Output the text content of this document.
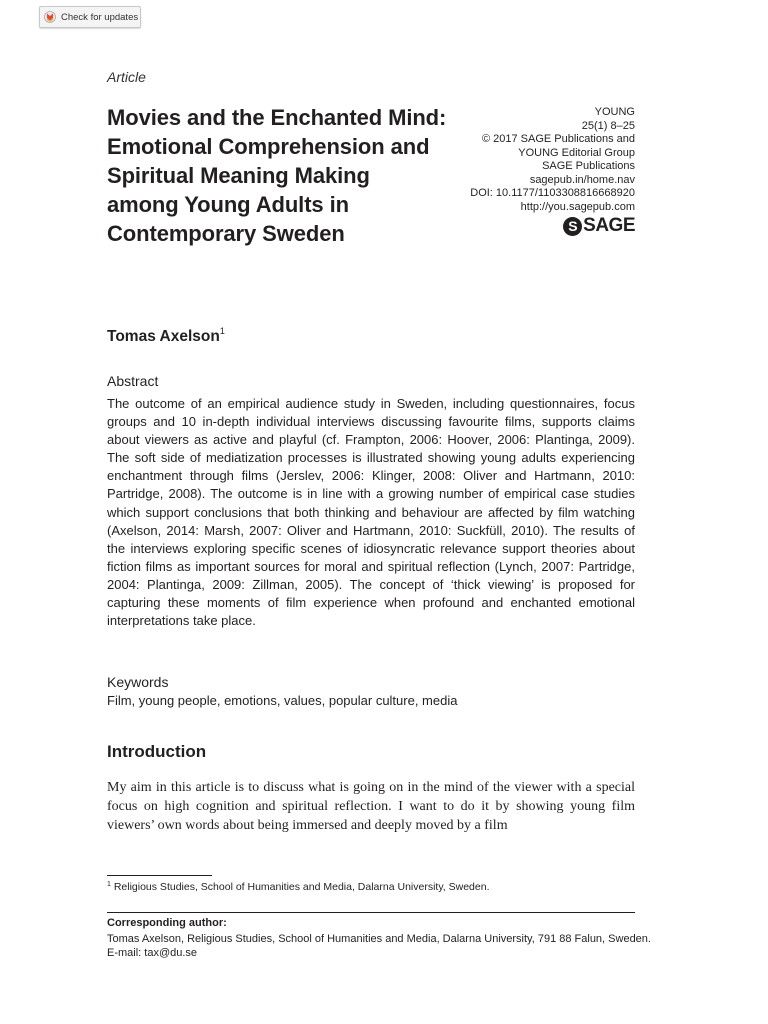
Check for updates
Article
Movies and the Enchanted Mind: Emotional Comprehension and Spiritual Meaning Making among Young Adults in Contemporary Sweden
YOUNG
25(1) 8–25
© 2017 SAGE Publications and
YOUNG Editorial Group
SAGE Publications
sagepub.in/home.nav
DOI: 10.1177/1103308816668920
http://you.sagepub.com
S SAGE
Tomas Axelson$^1$
Abstract

The outcome of an empirical audience study in Sweden, including questionnaires, focus groups and 10 in-depth individual interviews discussing favourite films, supports claims about viewers as active and playful (cf. Frampton, 2006: Hoover, 2006: Plantinga, 2009). The soft side of mediatization processes is illustrated showing young adults experiencing enchantment through films (Jerslev, 2006: Klinger, 2008: Oliver and Hartmann, 2010: Partridge, 2008). The outcome is in line with a growing number of empirical case studies which support conclusions that both thinking and behaviour are affected by film watching (Axelson, 2014: Marsh, 2007: Oliver and Hartmann, 2010: Suckfüll, 2010). The results of the interviews exploring specific scenes of idiosyncratic relevance support theories about fiction films as important sources for moral and spiritual reflection (Lynch, 2007: Partridge, 2004: Plantinga, 2009: Zillman, 2005). The concept of ‘thick viewing’ is proposed for capturing these moments of film experience when profound and enchanted emotional interpretations take place.

Keywords
Film, young people, emotions, values, popular culture, media
Introduction

My aim in this article is to discuss what is going on in the mind of the viewer with a special focus on high cognition and spiritual reflection. I want to do it by showing young film viewers’ own words about being immersed and deeply moved by a film

$^1$ Religious Studies, School of Humanities and Media, Dalarna University, Sweden.
Corresponding author:
Tomas Axelson, Religious Studies, School of Humanities and Media, Dalarna University, 791 88 Falun, Sweden.
E-mail: tax@du.se
